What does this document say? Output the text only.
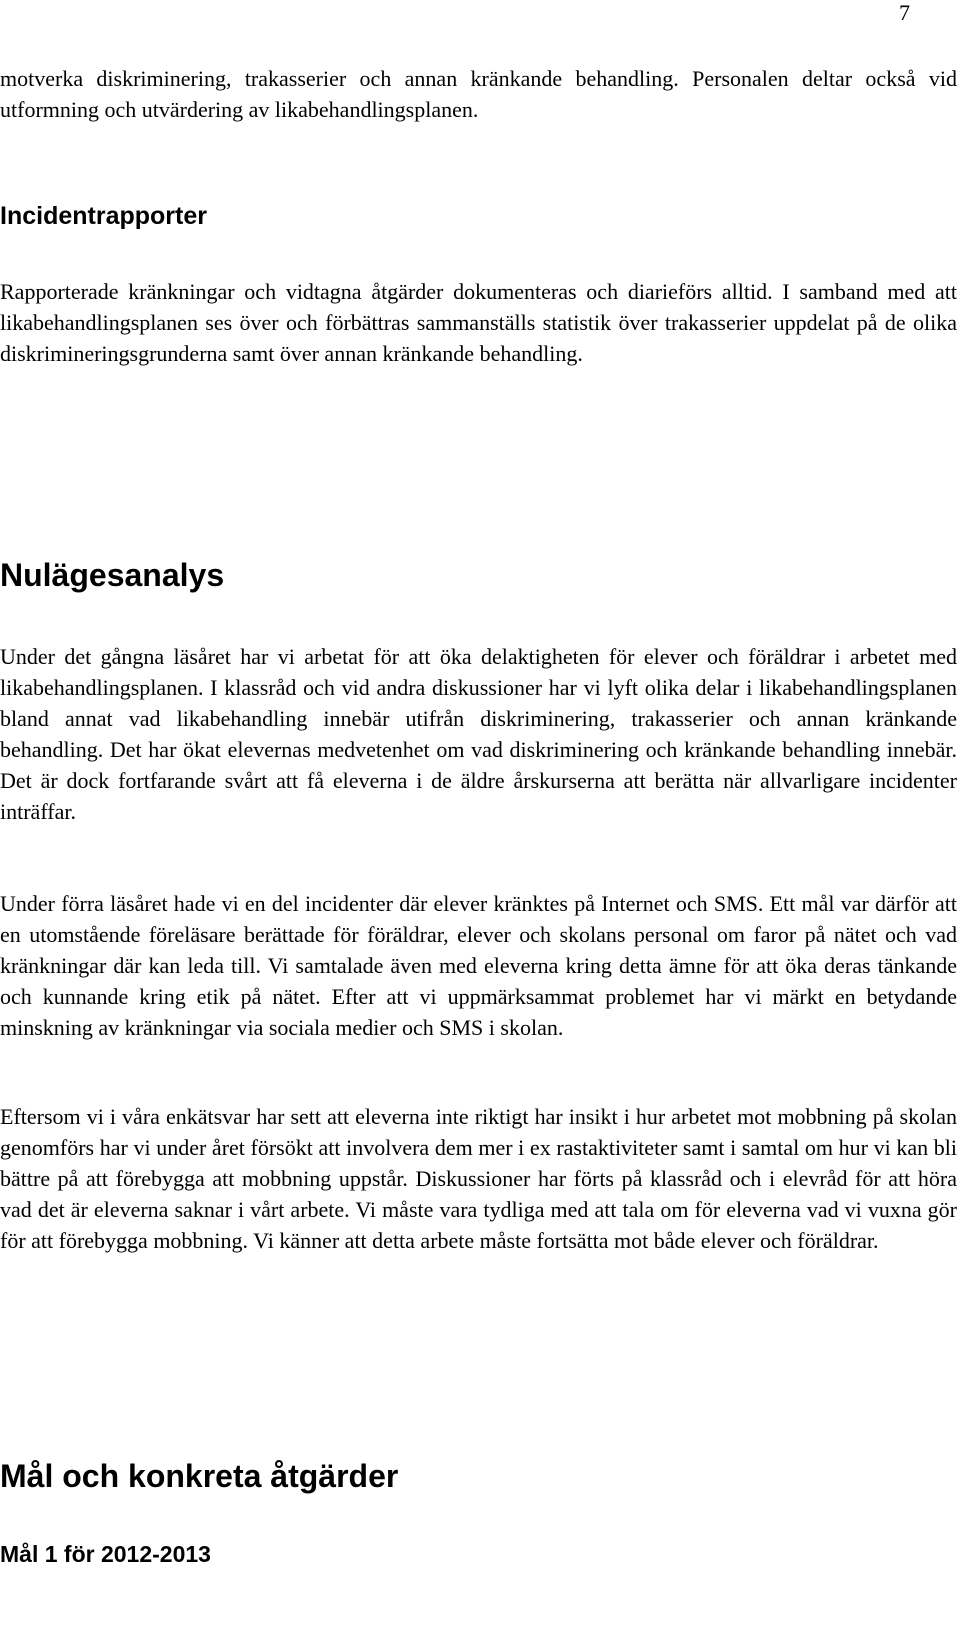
7

motverka diskriminering, trakasserier och annan kränkande behandling. Personalen deltar också vid utformning och utvärdering av likabehandlingsplanen.

Incidentrapporter

Rapporterade kränkningar och vidtagna åtgärder dokumenteras och diarieförs alltid. I samband med att likabehandlingsplanen ses över och förbättras sammanställs statistik över trakasserier uppdelat på de olika diskrimineringsgrunderna samt över annan kränkande behandling.

Nulägesanalys

Under det gångna läsåret har vi arbetat för att öka delaktigheten för elever och föräldrar i arbetet med likabehandlingsplanen. I klassråd och vid andra diskussioner har vi lyft olika delar i likabehandlingsplanen bland annat vad likabehandling innebär utifrån diskriminering, trakasserier och annan kränkande behandling. Det har ökat elevernas medvetenhet om vad diskriminering och kränkande behandling innebär. Det är dock fortfarande svårt att få eleverna i de äldre årskurserna att berätta när allvarligare incidenter inträffar.

Under förra läsåret hade vi en del incidenter där elever kränktes på Internet och SMS. Ett mål var därför att en utomstående föreläsare berättade för föräldrar, elever och skolans personal om faror på nätet och vad kränkningar där kan leda till. Vi samtalade även med eleverna kring detta ämne för att öka deras tänkande och kunnande kring etik på nätet. Efter att vi uppmärksammat problemet har vi märkt en betydande minskning av kränkningar via sociala medier och SMS i skolan.

Eftersom vi i våra enkätsvar har sett att eleverna inte riktigt har insikt i hur arbetet mot mobbning på skolan genomförs har vi under året försökt att involvera dem mer i ex rastaktiviteter samt i samtal om hur vi kan bli bättre på att förebygga att mobbning uppstår. Diskussioner har förts på klassråd och i elevråd för att höra vad det är eleverna saknar i vårt arbete. Vi måste vara tydliga med att tala om för eleverna vad vi vuxna gör för att förebygga mobbning. Vi känner att detta arbete måste fortsätta mot både elever och föräldrar.

Mål och konkreta åtgärder
Mål 1 för 2012-2013
